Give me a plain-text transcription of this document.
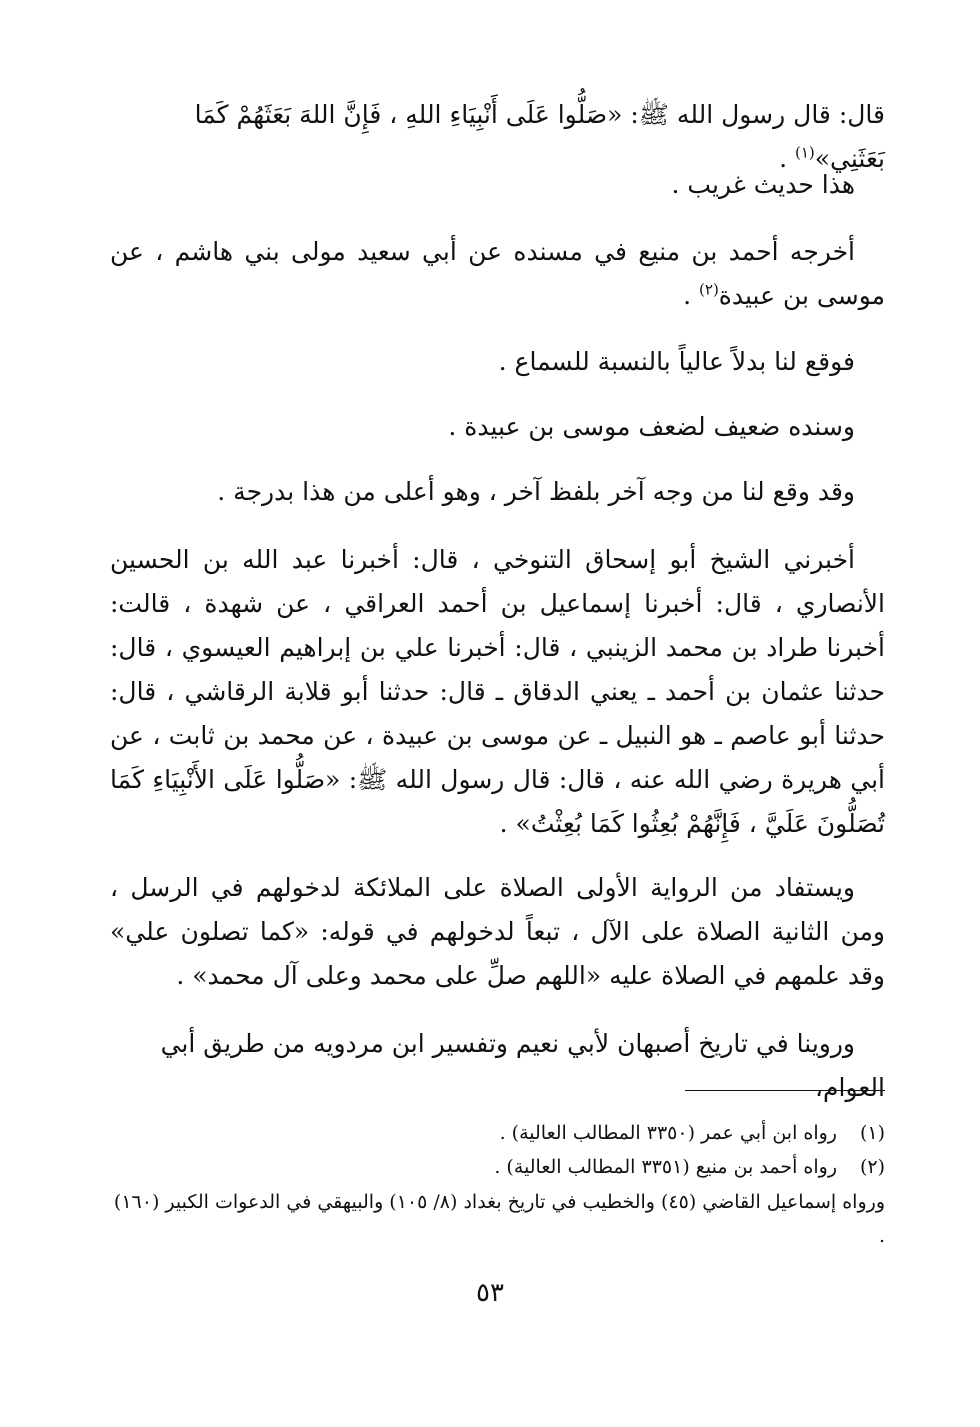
قال: قال رسول الله ﷺ: «صَلُّوا عَلَى أَنْبِيَاءِ اللهِ ، فَإِنَّ اللهَ بَعَثَهُمْ كَمَا بَعَثَنِي»$^{(١)}$ .

هذا حديث غريب .

أخرجه أحمد بن منيع في مسنده عن أبي سعيد مولى بني هاشم ، عن موسى بن عبيدة$^{(٢)}$ .

فوقع لنا بدلاً عالياً بالنسبة للسماع .

وسنده ضعيف لضعف موسى بن عبيدة .

وقد وقع لنا من وجه آخر بلفظ آخر ، وهو أعلى من هذا بدرجة .

أخبرني الشيخ أبو إسحاق التنوخي ، قال: أخبرنا عبد الله بن الحسين الأنصاري ، قال: أخبرنا إسماعيل بن أحمد العراقي ، عن شهدة ، قالت: أخبرنا طراد بن محمد الزينبي ، قال: أخبرنا علي بن إبراهيم العيسوي ، قال: حدثنا عثمان بن أحمد ـ يعني الدقاق ـ قال: حدثنا أبو قلابة الرقاشي ، قال: حدثنا أبو عاصم ـ هو النبيل ـ عن موسى بن عبيدة ، عن محمد بن ثابت ، عن أبي هريرة رضي الله عنه ، قال: قال رسول الله ﷺ: «صَلُّوا عَلَى الأَنْبِيَاءِ كَمَا تُصَلُّونَ عَلَيَّ ، فَإِنَّهُمْ بُعِثُوا كَمَا بُعِثْتُ» .

ويستفاد من الرواية الأولى الصلاة على الملائكة لدخولهم في الرسل ، ومن الثانية الصلاة على الآل ، تبعاً لدخولهم في قوله: «كما تصلون علي» وقد علمهم في الصلاة عليه «اللهم صلِّ على محمد وعلى آل محمد» .

وروينا في تاريخ أصبهان لأبي نعيم وتفسير ابن مردويه من طريق أبي العوام،

(١)رواه ابن أبي عمر (٣٣٥٠ المطالب العالية) .

(٢)رواه أحمد بن منيع (٣٣٥١ المطالب العالية) .

ورواه إسماعيل القاضي (٤٥) والخطيب في تاريخ بغداد (٨/ ١٠٥) والبيهقي في الدعوات الكبير (١٦٠) .

٥٣
